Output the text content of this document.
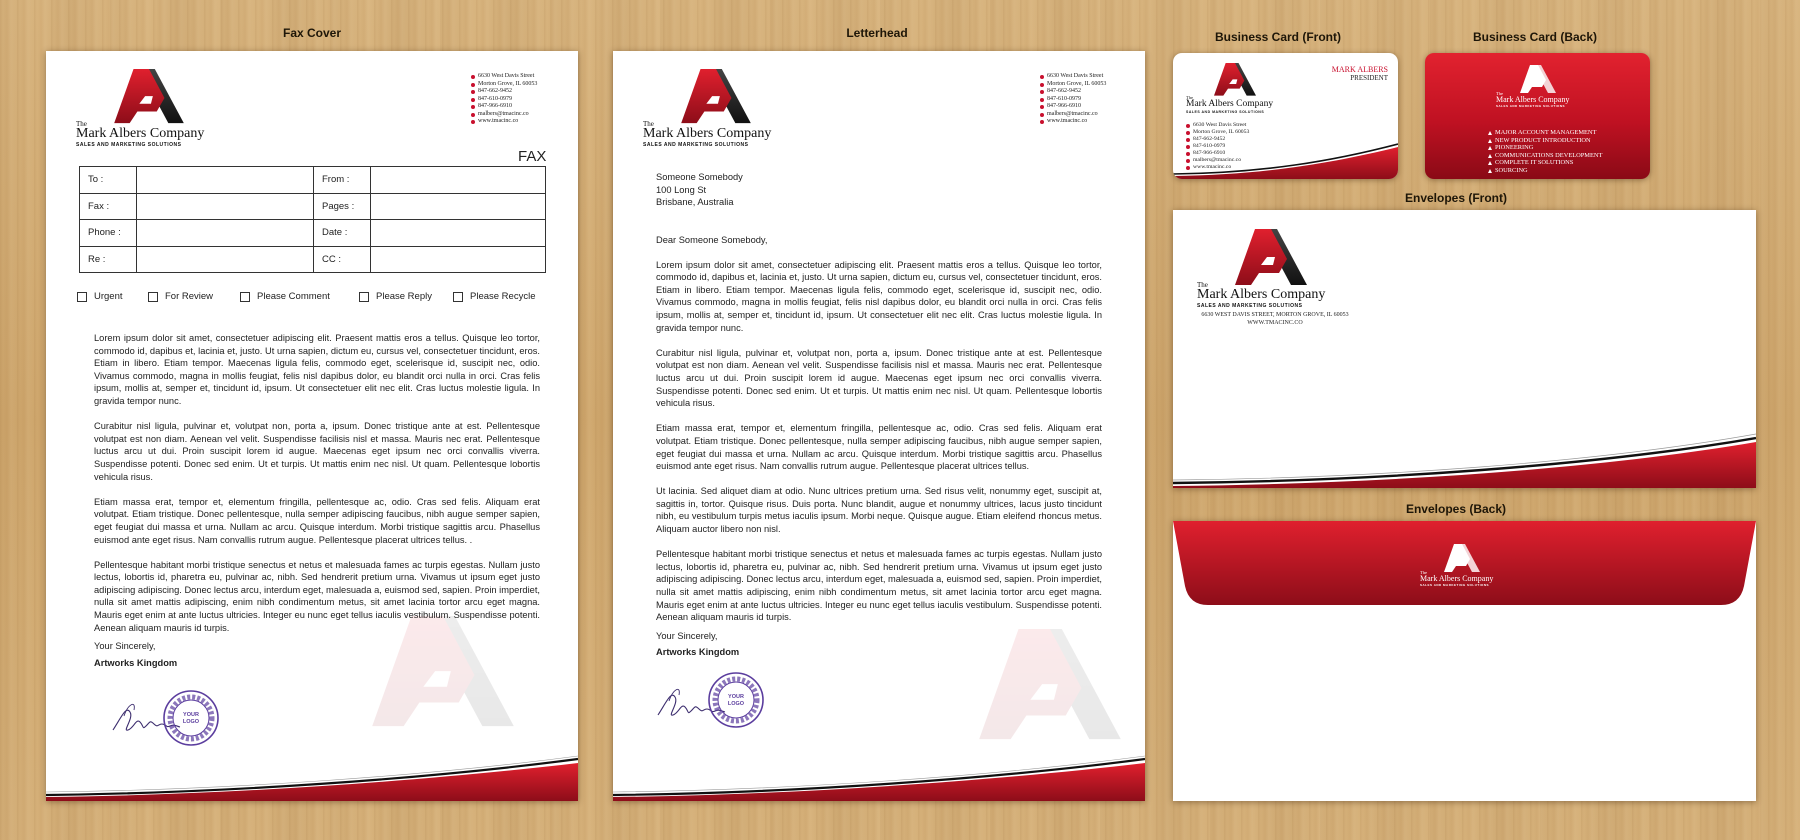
Fax Cover	Letterhead	Business Card (Front)	Business Card (Back)
Envelopes (Front)
Envelopes (Back)
The
Mark Albers Company
SALES AND MARKETING SOLUTIONS
6630 West Davis Street
Morton Grove, IL 60053
847-662-9452
847-610-0979
847-966-6910
malbers@tmacinc.co
www.tmacinc.co
FAX
To :		From :	
Fax :		Pages :	
Phone :		Date :	
Re :		CC :	
Urgent	For Review	Please Comment	Please Reply	Please Recycle

Lorem ipsum dolor sit amet, consectetuer adipiscing elit. Praesent mattis eros a tellus. Quisque leo tortor, commodo id, dapibus et, lacinia et, justo. Ut urna sapien, dictum eu, cursus vel, consectetuer tincidunt, eros. Etiam in libero. Etiam tempor. Maecenas ligula felis, commodo eget, scelerisque id, suscipit nec, odio. Vivamus commodo, magna in mollis feugiat, felis nisl dapibus dolor, eu blandit orci nulla in orci. Cras felis ipsum, mollis at, semper et, tincidunt id, ipsum. Ut consectetuer elit nec elit. Cras luctus molestie ligula. In gravida tempor nunc.

Curabitur nisl ligula, pulvinar et, volutpat non, porta a, ipsum. Donec tristique ante at est. Pellentesque volutpat est non diam. Aenean vel velit. Suspendisse facilisis nisl et massa. Mauris nec erat. Pellentesque luctus arcu ut dui. Proin suscipit lorem id augue. Maecenas eget ipsum nec orci convallis viverra. Suspendisse potenti. Donec sed enim. Ut et turpis. Ut mattis enim nec nisl. Ut quam. Pellentesque lobortis vehicula risus.

Etiam massa erat, tempor et, elementum fringilla, pellentesque ac, odio. Cras sed felis. Aliquam erat volutpat. Etiam tristique. Donec pellentesque, nulla semper adipiscing faucibus, nibh augue semper sapien, eget feugiat dui massa et urna. Nullam ac arcu. Quisque interdum. Morbi tristique sagittis arcu. Phasellus euismod ante eget risus. Nam convallis rutrum augue. Pellentesque placerat ultrices tellus. .

Pellentesque habitant morbi tristique senectus et netus et malesuada fames ac turpis egestas. Nullam justo lectus, lobortis id, pharetra eu, pulvinar ac, nibh. Sed hendrerit pretium urna. Vivamus ut ipsum eget justo adipiscing adipiscing. Donec lectus arcu, interdum eget, malesuada a, euismod sed, sapien. Proin imperdiet, nulla sit amet mattis adipiscing, enim nibh condimentum metus, sit amet lacinia tortor arcu eget magna. Mauris eget enim at ante luctus ultricies. Integer eu nunc eget tellus iaculis vestibulum. Suspendisse potenti. Aenean aliquam mauris id turpis.

Your Sincerely,
Artworks Kingdom
YOUR
LOGO
The
Mark Albers Company
SALES AND MARKETING SOLUTIONS
6630 West Davis Street
Morton Grove, IL 60053
847-662-9452
847-610-0979
847-966-6910
malbers@tmacinc.co
www.tmacinc.co
Someone Somebody
100 Long St
Brisbane, Australia

Dear Someone Somebody,

Lorem ipsum dolor sit amet, consectetuer adipiscing elit. Praesent mattis eros a tellus. Quisque leo tortor, commodo id, dapibus et, lacinia et, justo. Ut urna sapien, dictum eu, cursus vel, consectetuer tincidunt, eros. Etiam in libero. Etiam tempor. Maecenas ligula felis, commodo eget, scelerisque id, suscipit nec, odio. Vivamus commodo, magna in mollis feugiat, felis nisl dapibus dolor, eu blandit orci nulla in orci. Cras felis ipsum, mollis at, semper et, tincidunt id, ipsum. Ut consectetuer elit nec elit. Cras luctus molestie ligula. In gravida tempor nunc.

Curabitur nisl ligula, pulvinar et, volutpat non, porta a, ipsum. Donec tristique ante at est. Pellentesque volutpat est non diam. Aenean vel velit. Suspendisse facilisis nisl et massa. Mauris nec erat. Pellentesque luctus arcu ut dui. Proin suscipit lorem id augue. Maecenas eget ipsum nec orci convallis viverra. Suspendisse potenti. Donec sed enim. Ut et turpis. Ut mattis enim nec nisl. Ut quam. Pellentesque lobortis vehicula risus.

Etiam massa erat, tempor et, elementum fringilla, pellentesque ac, odio. Cras sed felis. Aliquam erat volutpat. Etiam tristique. Donec pellentesque, nulla semper adipiscing faucibus, nibh augue semper sapien, eget feugiat dui massa et urna. Nullam ac arcu. Quisque interdum. Morbi tristique sagittis arcu. Phasellus euismod ante eget risus. Nam convallis rutrum augue. Pellentesque placerat ultrices tellus.

Ut lacinia. Sed aliquet diam at odio. Nunc ultrices pretium urna. Sed risus velit, nonummy eget, suscipit at, sagittis in, tortor. Quisque risus. Duis porta. Nunc blandit, augue et nonummy ultrices, lacus justo tincidunt nibh, eu vestibulum turpis metus iaculis ipsum. Morbi neque. Quisque augue. Etiam eleifend rhoncus metus. Aliquam auctor libero non nisl.

Pellentesque habitant morbi tristique senectus et netus et malesuada fames ac turpis egestas. Nullam justo lectus, lobortis id, pharetra eu, pulvinar ac, nibh. Sed hendrerit pretium urna. Vivamus ut ipsum eget justo adipiscing adipiscing. Donec lectus arcu, interdum eget, malesuada a, euismod sed, sapien. Proin imperdiet, nulla sit amet mattis adipiscing, enim nibh condimentum metus, sit amet lacinia tortor arcu eget magna. Mauris eget enim at ante luctus ultricies. Integer eu nunc eget tellus iaculis vestibulum. Suspendisse potenti. Aenean aliquam mauris id turpis.

Your Sincerely,
Artworks Kingdom
YOUR
LOGO
The
Mark Albers Company
SALES AND MARKETING SOLUTIONS
MARK ALBERS
PRESIDENT
6630 West Davis Street
Morton Grove, IL 60053
847-662-9452
847-610-0979
847-966-6910
malbers@tmacinc.co
www.tmacinc.co
The
Mark Albers Company
SALES AND MARKETING SOLUTIONS
MAJOR ACCOUNT MANAGEMENT
NEW PRODUCT INTRODUCTION
PIONEERING
COMMUNICATIONS DEVELOPMENT
COMPLETE IT SOLUTIONS
SOURCING
The
Mark Albers Company
SALES AND MARKETING SOLUTIONS
6630 WEST DAVIS STREET, MORTON GROVE, IL 60053
WWW.TMACINC.CO
The
Mark Albers Company
SALES AND MARKETING SOLUTIONS
